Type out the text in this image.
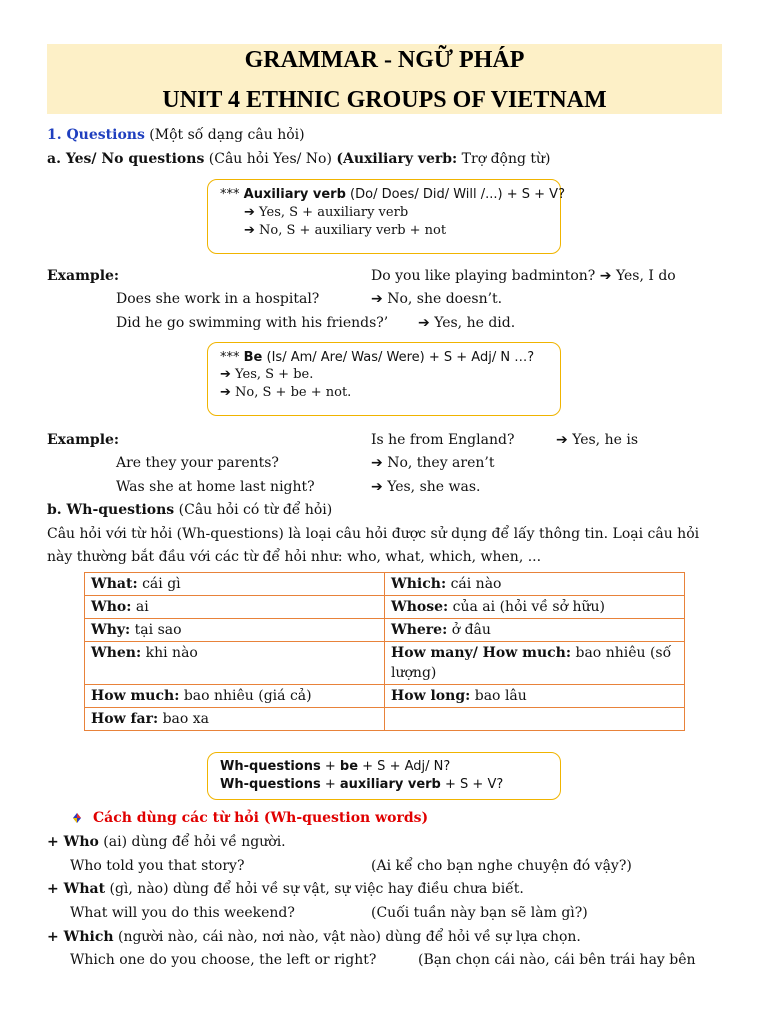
GRAMMAR - NGỮ PHÁP
UNIT 4 ETHNIC GROUPS OF VIETNAM
1. Questions (Một số dạng câu hỏi)
a. Yes/ No questions (Câu hỏi Yes/ No) (Auxiliary verb: Trợ động từ)
*** Auxiliary verb (Do/ Does/ Did/ Will /...) + S + V?
➔ Yes, S + auxiliary verb
➔ No, S + auxiliary verb + not
Example:	Do you like playing badminton? ➔ Yes, I do
Does she work in a hospital?	➔ No, she doesn’t.
Did he go swimming with his friends?’ ➔ Yes, he did.
*** Be (Is/ Am/ Are/ Was/ Were) + S + Adj/ N …?
➔ Yes, S + be.
➔ No, S + be + not.
Example:	Is he from England?	➔ Yes, he is
Are they your parents?	➔ No, they aren’t
Was she at home last night?	➔ Yes, she was.
b. Wh-questions (Câu hỏi có từ để hỏi)
Câu hỏi với từ hỏi (Wh-questions) là loại câu hỏi được sử dụng để lấy thông tin. Loại câu hỏi
này thường bắt đầu với các từ để hỏi như: who, what, which, when, ...
What: cái gì	Which: cái nào
Who: ai	Whose: của ai (hỏi về sở hữu)
Why: tại sao	Where: ở đâu
When: khi nào	How many/ How much: bao nhiêu (số lượng)
How much: bao nhiêu (giá cả)	How long: bao lâu
How far: bao xa	
Wh-questions + be + S + Adj/ N?
Wh-questions + auxiliary verb + S + V?
Cách dùng các từ hỏi (Wh-question words)
+ Who (ai) dùng để hỏi về người.
Who told you that story?	(Ai kể cho bạn nghe chuyện đó vậy?)
+ What (gì, nào) dùng để hỏi về sự vật, sự việc hay điều chưa biết.
What will you do this weekend?	(Cuối tuần này bạn sẽ làm gì?)
+ Which (người nào, cái nào, nơi nào, vật nào) dùng để hỏi về sự lựa chọn.
Which one do you choose, the left or right?	(Bạn chọn cái nào, cái bên trái hay bên
